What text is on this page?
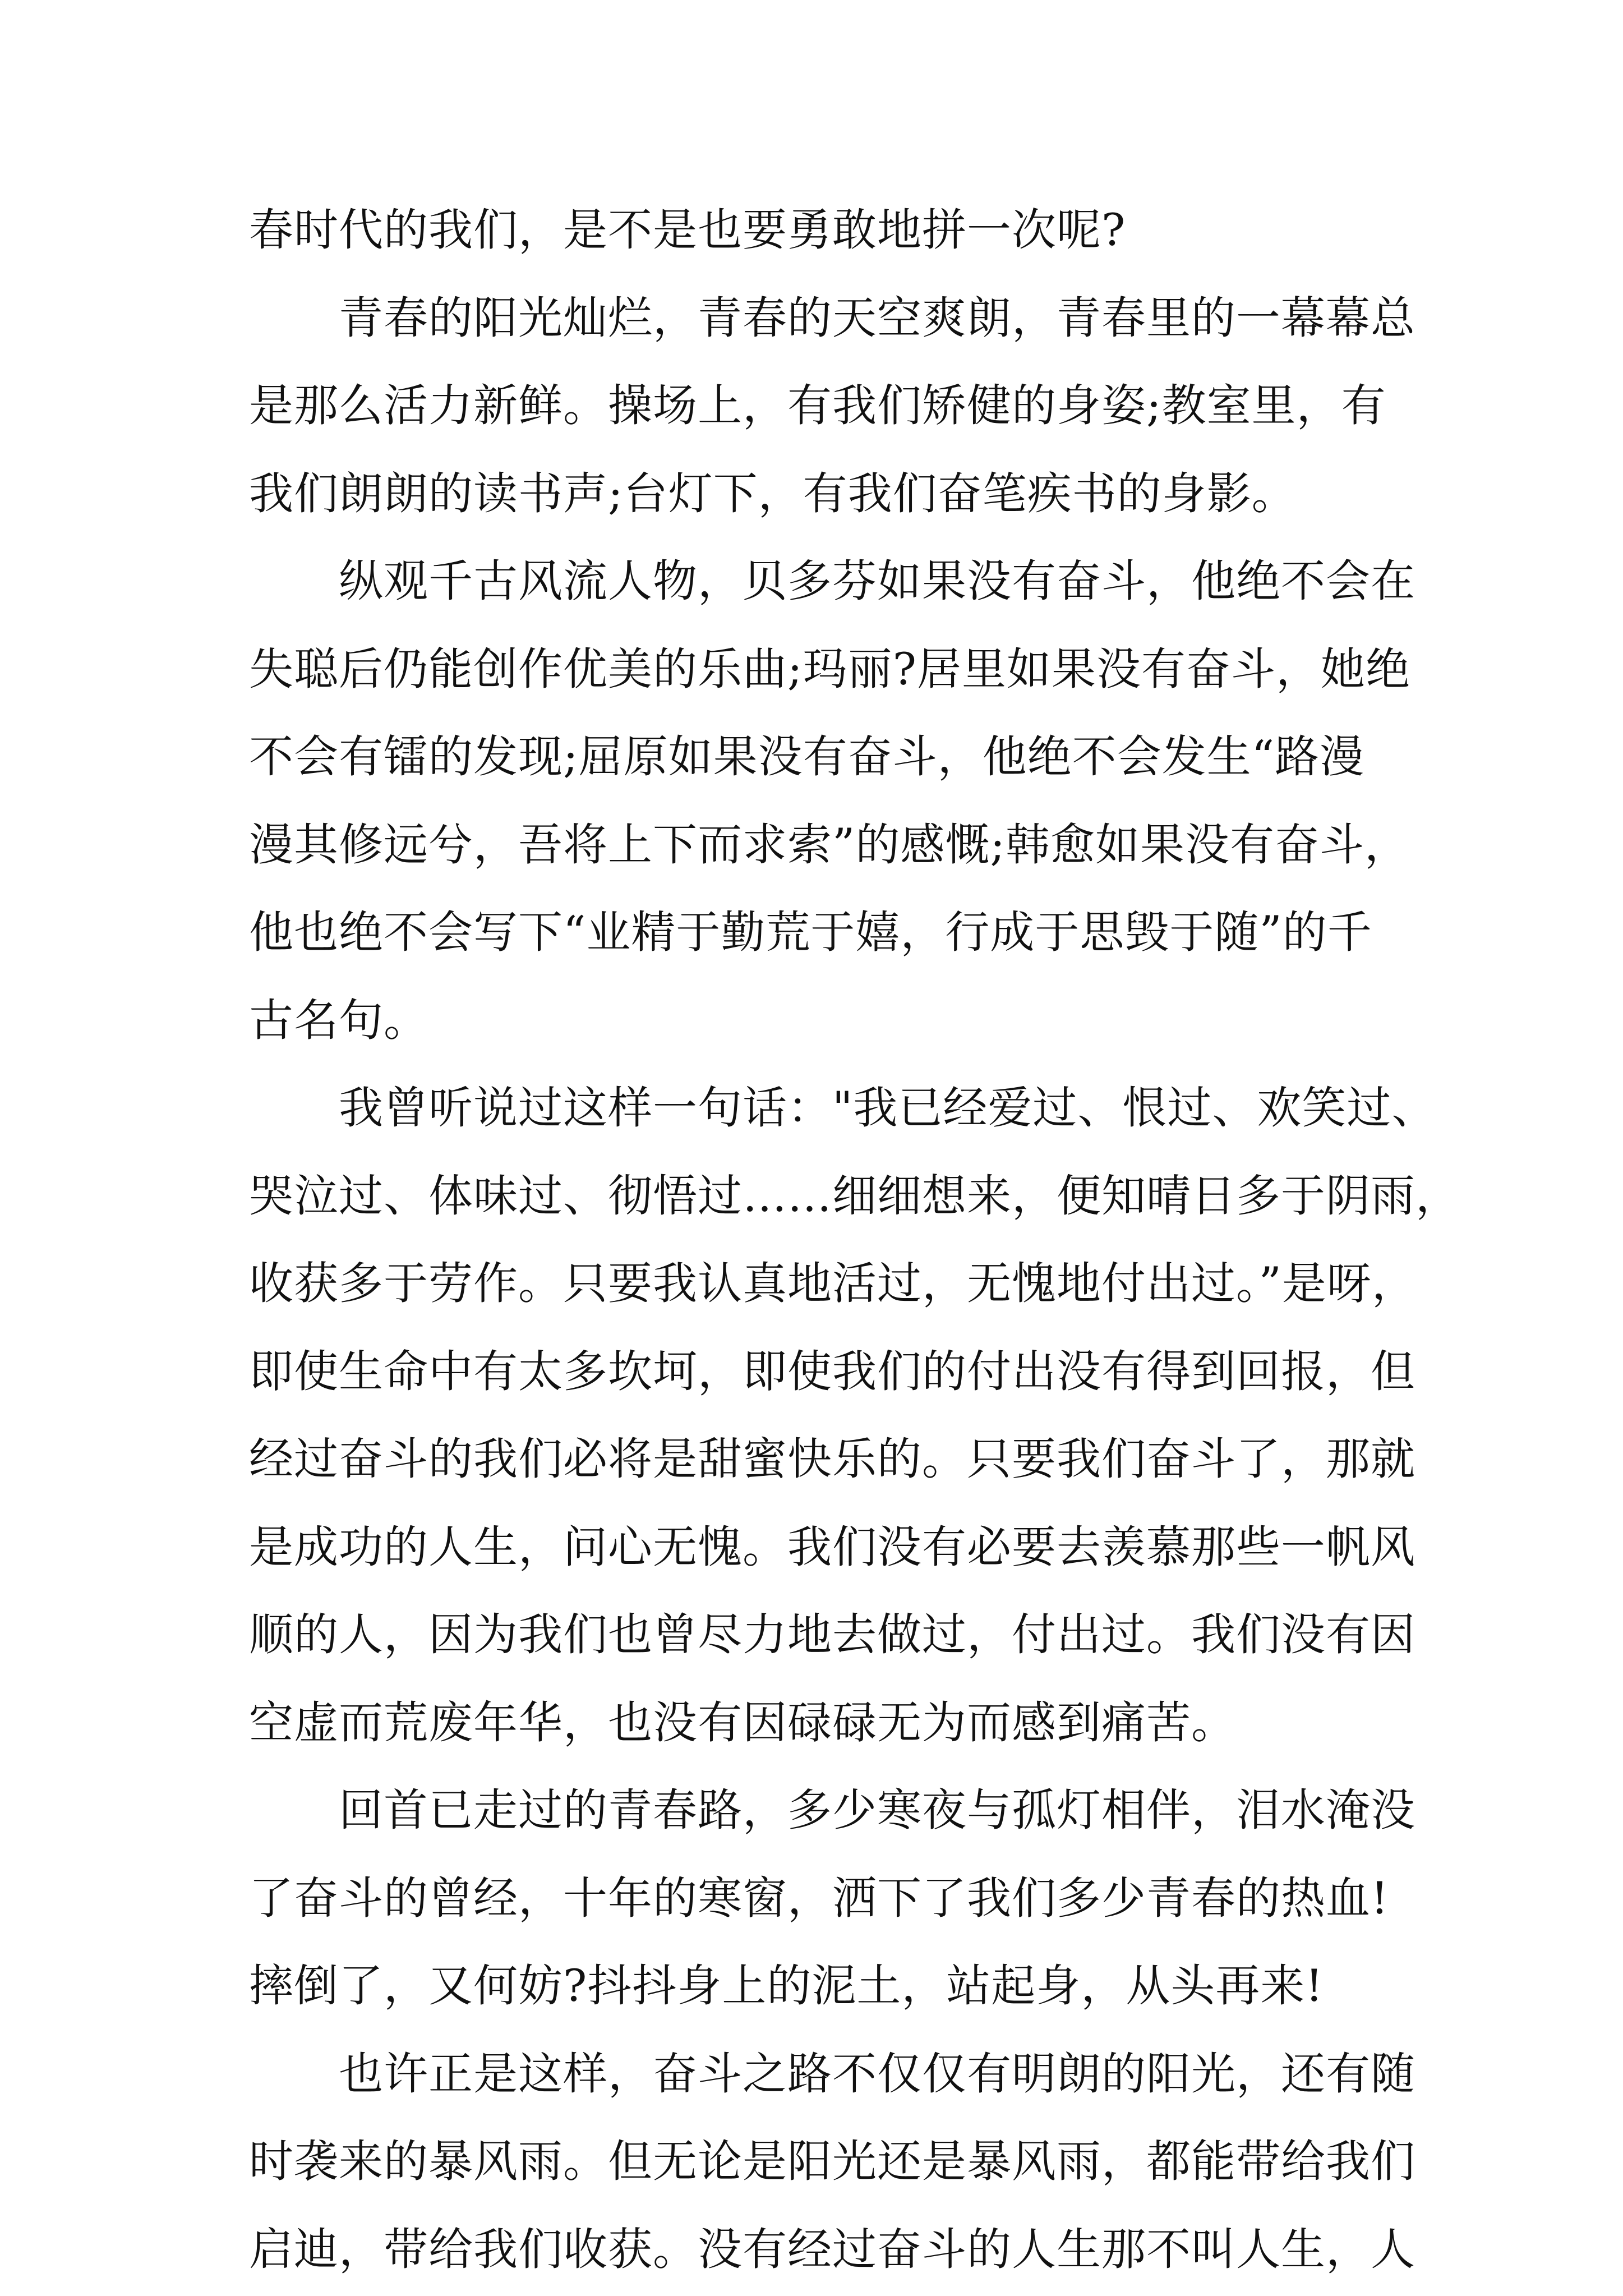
春时代的我们，是不是也要勇敢地拼一次呢?
　　青春的阳光灿烂，青春的天空爽朗，青春里的一幕幕总
是那么活力新鲜。操场上，有我们矫健的身姿;教室里，有
我们朗朗的读书声;台灯下，有我们奋笔疾书的身影。
　　纵观千古风流人物，贝多芬如果没有奋斗，他绝不会在
失聪后仍能创作优美的乐曲;玛丽?居里如果没有奋斗，她绝
不会有镭的发现;屈原如果没有奋斗，他绝不会发生“路漫
漫其修远兮，吾将上下而求索”的感慨;韩愈如果没有奋斗，
他也绝不会写下“业精于勤荒于嬉，行成于思毁于随”的千
古名句。
　　我曾听说过这样一句话："我已经爱过、恨过、欢笑过、
哭泣过、体味过、彻悟过……细细想来，便知晴日多于阴雨，
收获多于劳作。只要我认真地活过，无愧地付出过。”是呀，
即使生命中有太多坎坷，即使我们的付出没有得到回报，但
经过奋斗的我们必将是甜蜜快乐的。只要我们奋斗了，那就
是成功的人生，问心无愧。我们没有必要去羡慕那些一帆风
顺的人，因为我们也曾尽力地去做过，付出过。我们没有因
空虚而荒废年华，也没有因碌碌无为而感到痛苦。
　　回首已走过的青春路，多少寒夜与孤灯相伴，泪水淹没
了奋斗的曾经，十年的寒窗，洒下了我们多少青春的热血!
摔倒了，又何妨?抖抖身上的泥土，站起身，从头再来!
　　也许正是这样，奋斗之路不仅仅有明朗的阳光，还有随
时袭来的暴风雨。但无论是阳光还是暴风雨，都能带给我们
启迪，带给我们收获。没有经过奋斗的人生那不叫人生，人
